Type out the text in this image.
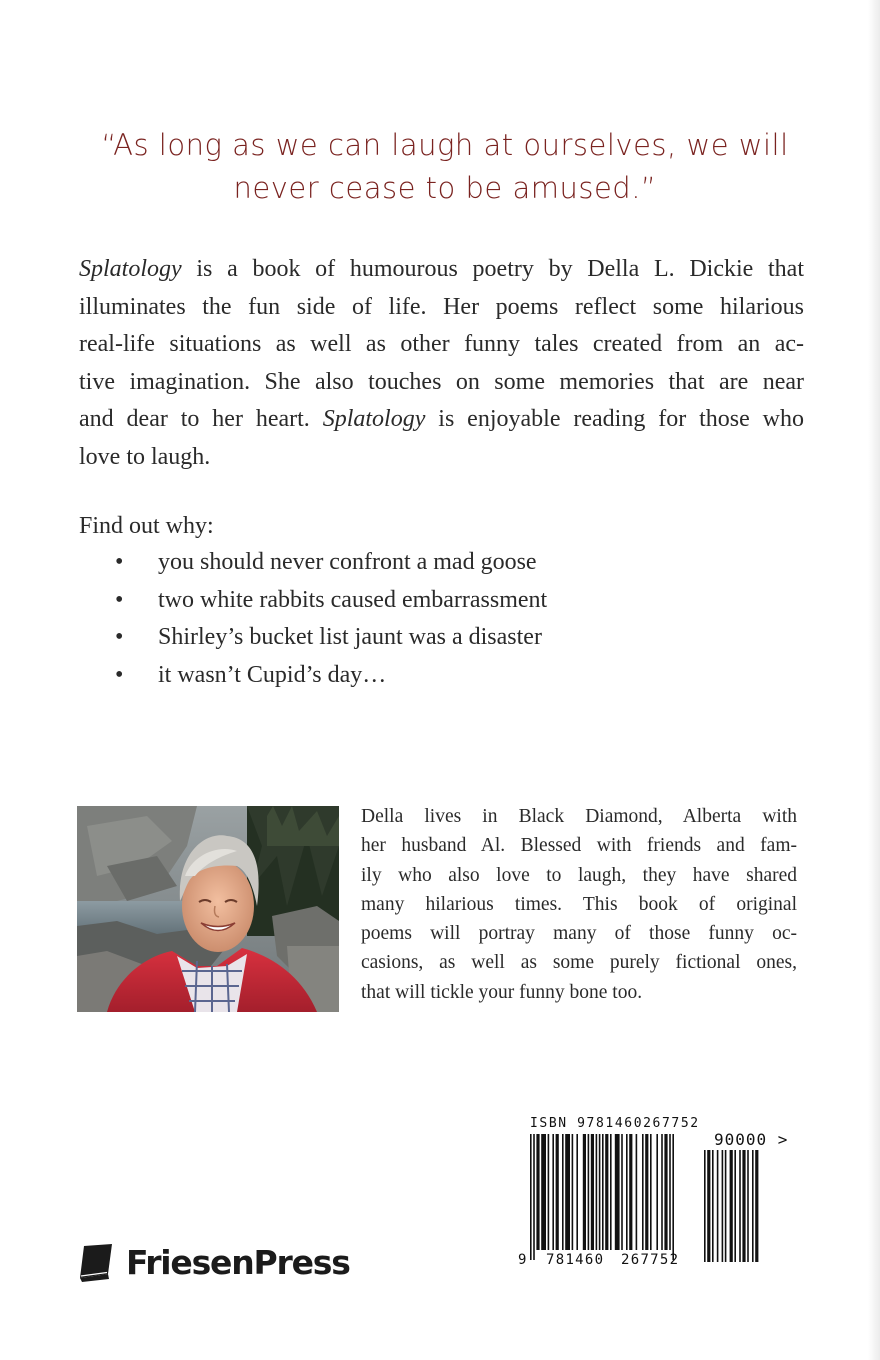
“As long as we can laugh at ourselves, we will
never cease to be amused.”
Splatology is a book of humourous poetry by Della L. Dickie that
illuminates the fun side of life. Her poems reflect some hilarious
real-life situations as well as other funny tales created from an ac-
tive imagination. She also touches on some memories that are near
and dear to her heart. Splatology is enjoyable reading for those who
love to laugh.
Find out why:
• you should never confront a mad goose
• two white rabbits caused embarrassment
• Shirley’s bucket list jaunt was a disaster
• it wasn’t Cupid’s day…
Della lives in Black Diamond, Alberta with
her husband Al. Blessed with friends and fam-
ily who also love to laugh, they have shared
many hilarious times. This book of original
poems will portray many of those funny oc-
casions, as well as some purely fictional ones,
that will tickle your funny bone too.
FriesenPress
ISBN 9781460267752
90000 >
9 781460 267752
